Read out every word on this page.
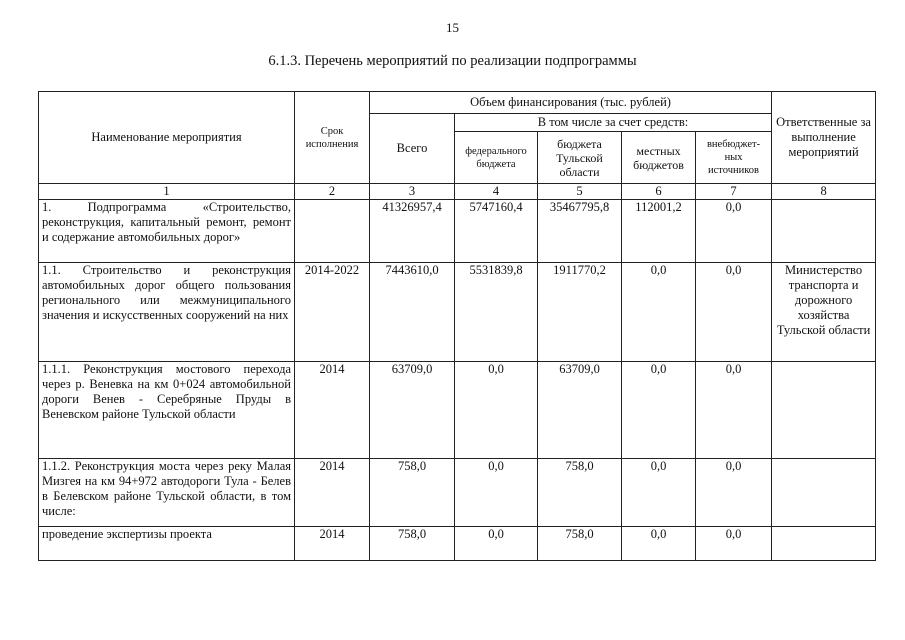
15
6.1.3. Перечень мероприятий по реализации подпрограммы
Наименование мероприятия	Срок исполнения	Объем финансирования (тыс. рублей)					Ответственные за выполнение мероприятий
		Всего	В том числе за счет средств:				
			федерального бюджета	бюджета Тульской области	местных бюджетов	внебюджет-ных источников	
1	2	3	4	5	6	7	8
1. Подпрограмма «Строительство, реконструкция, капитальный ремонт, ремонт и содержание автомобильных дорог»		41326957,4	5747160,4	35467795,8	112001,2	0,0	
1.1. Строительство и реконструкция автомобильных дорог общего пользования регионального или межмуниципального значения и искусственных сооружений на них	2014-2022	7443610,0	5531839,8	1911770,2	0,0	0,0	Министерство транспорта и дорожного хозяйства Тульской области
1.1.1. Реконструкция мостового перехода через р. Веневка на км 0+024 автомобильной дороги Венев - Серебряные Пруды в Веневском районе Тульской области	2014	63709,0	0,0	63709,0	0,0	0,0	
1.1.2. Реконструкция моста через реку Малая Мизгея на км 94+972 автодороги Тула - Белев в Белевском районе Тульской области, в том числе:	2014	758,0	0,0	758,0	0,0	0,0	
проведение экспертизы проекта	2014	758,0	0,0	758,0	0,0	0,0	
